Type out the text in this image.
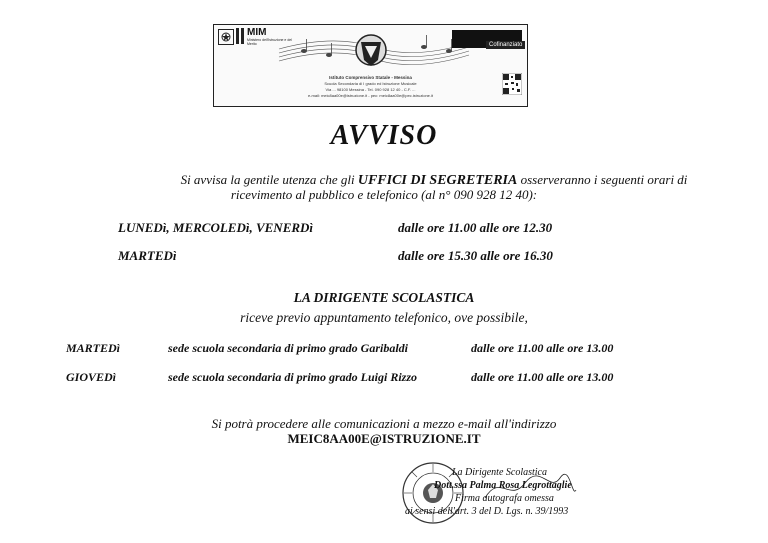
MIM
Ministero dell'Istruzione e del Merito
Istituto Comprensivo Statale - Messina
Scuola Secondaria di I grado ed Istruzione Musicale
Via ... 98100 Messina - Tel. 090 928 12 40 - C.F. ...
e-mail: meic8aa00e@istruzione.it - pec: meic8aa00e@pec.istruzione.it
Cofinanziato
AVVISO
Si avvisa la gentile utenza che gli UFFICI DI SEGRETERIA osserveranno i seguenti orari di
ricevimento al pubblico e telefonico (al n° 090 928 12 40):
LUNEDì, MERCOLEDì, VENERDì	dalle ore 11.00 alle ore 12.30
MARTEDì	dalle ore 15.30 alle ore 16.30
LA DIRIGENTE SCOLASTICA
riceve previo appuntamento telefonico, ove possibile,
MARTEDì	sede scuola secondaria di primo grado Garibaldi	dalle ore 11.00 alle ore 13.00
GIOVEDì	sede scuola secondaria di primo grado Luigi Rizzo	dalle ore 11.00 alle ore 13.00
Si potrà procedere alle comunicazioni a mezzo e-mail all'indirizzo
MEIC8AA00E@ISTRUZIONE.IT
La Dirigente Scolastica
Dott.ssa Palma Rosa Legrottaglie
Firma autografa omessa
ai sensi dell'art. 3 del D. Lgs. n. 39/1993
